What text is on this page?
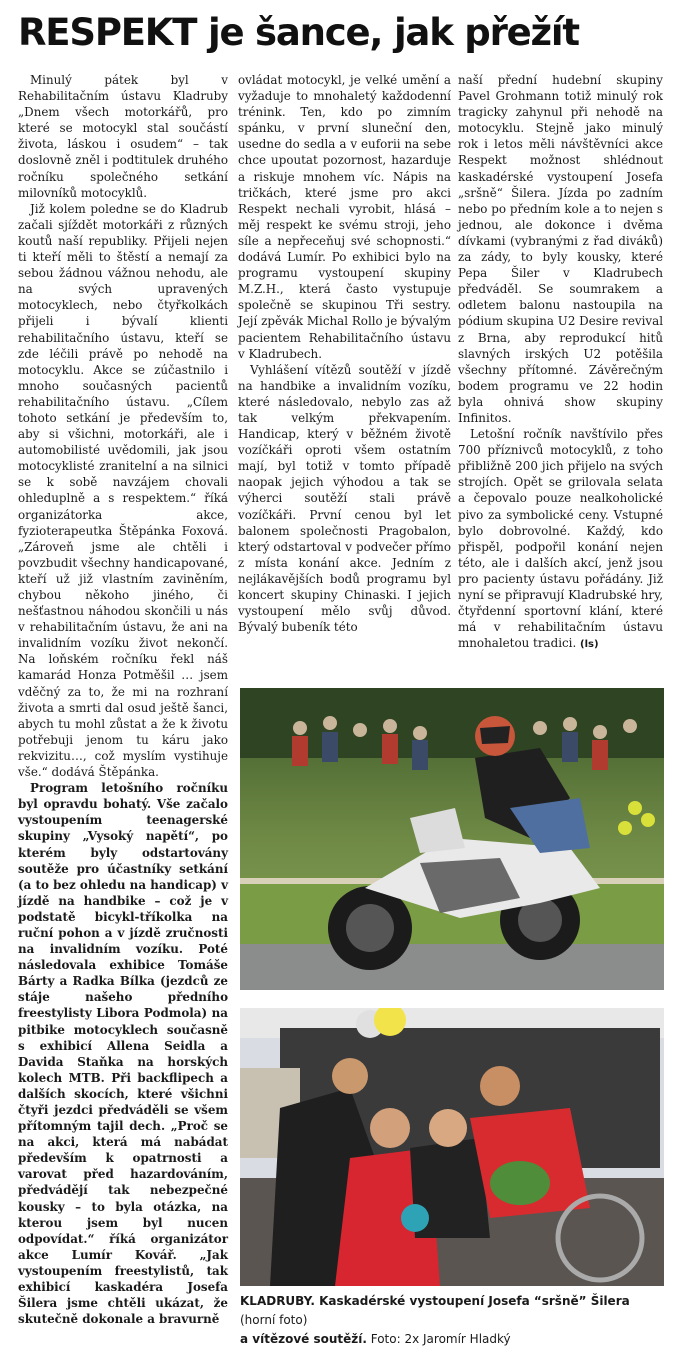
RESPEKT je šance, jak přežít

Minulý pátek byl v Rehabilitačním ústavu Kladruby „Dnem všech motorkářů, pro které se motocykl stal součástí života, láskou i osudem“ – tak doslovně zněl i podtitulek druhého ročníku společného setkání milovníků motocyklů.

Již kolem poledne se do Kladrub začali sjíždět motorkáři z různých koutů naší republiky. Přijeli nejen ti kteří měli to štěstí a nemají za sebou žádnou vážnou nehodu, ale na svých upravených motocyklech, nebo čtyřkolkách přijeli i bývalí klienti rehabilitačního ústavu, kteří se zde léčili právě po nehodě na motocyklu. Akce se zúčastnilo i mnoho současných pacientů rehabilitačního ústavu. „Cílem tohoto setkání je především to, aby si všichni, motorkáři, ale i automobilisté uvědomili, jak jsou motocyklisté zranitelní a na silnici se k sobě navzájem chovali ohleduplně a s respektem.“ říká organizátorka akce, fyzioterapeutka Štěpánka Foxová. „Zároveň jsme ale chtěli i povzbudit všechny handicapované, kteří už již vlastním zaviněním, chybou někoho jiného, či nešťastnou náhodou skončili u nás v rehabilitačním ústavu, že ani na invalidním vozíku život nekončí. Na loňském ročníku řekl náš kamarád Honza Potměšil … jsem vděčný za to, že mi na rozhraní života a smrti dal osud ještě šanci, abych tu mohl zůstat a že k životu potřebuji jenom tu káru jako rekvizitu…, což myslím vystihuje vše.“ dodává Štěpánka.

Program letošního ročníku byl opravdu bohatý. Vše začalo vystoupením teenagerské skupiny „Vysoký napětí“, po kterém byly odstartovány soutěže pro účastníky setkání (a to bez ohledu na handicap) v jízdě na handbike – což je v podstatě bicykl-tříkolka na ruční pohon a v jízdě zručnosti na invalidním vozíku. Poté následovala exhibice Tomáše Bárty a Radka Bílka (jezdců ze stáje našeho předního freestylisty Libora Podmola) na pitbike motocyklech současně s exhibicí Allena Seidla a Davida Staňka na horských kolech MTB. Při backflipech a dalších skocích, které všichni čtyři jezdci předváděli se všem přítomným tajil dech. „Proč se na akci, která má nabádat především k opatrnosti a varovat před hazardováním, předvádějí tak nebezpečné kousky – to byla otázka, na kterou jsem byl nucen odpovídat.“ říká organizátor akce Lumír Kovář. „Jak vystoupením freestylistů, tak exhibicí kaskadéra Josefa Šilera jsme chtěli ukázat, že skutečně dokonale a bravurně

ovládat motocykl, je velké umění a vyžaduje to mnohaletý každodenní trénink. Ten, kdo po zimním spánku, v první sluneční den, usedne do sedla a v euforii na sebe chce upoutat pozornost, hazarduje a riskuje mnohem víc. Nápis na tričkách, které jsme pro akci Respekt nechali vyrobit, hlásá – měj respekt ke svému stroji, jeho síle a nepřeceňuj své schopnosti.“ dodává Lumír. Po exhibici bylo na programu vystoupení skupiny M.Z.H., která často vystupuje společně se skupinou Tři sestry. Její zpěvák Michal Rollo je bývalým pacientem Rehabilitačního ústavu v Kladrubech.

Vyhlášení vítězů soutěží v jízdě na handbike a invalidním vozíku, které následovalo, nebylo zas až tak velkým překvapením. Handicap, který v běžném životě vozíčkáři oproti všem ostatním mají, byl totiž v tomto případě naopak jejich výhodou a tak se výherci soutěží stali právě vozíčkáři. První cenou byl let balonem společnosti Pragobalon, který odstartoval v podvečer přímo z místa konání akce. Jedním z nejlákavějších bodů programu byl koncert skupiny Chinaski. I jejich vystoupení mělo svůj důvod. Bývalý bubeník této

naší přední hudební skupiny Pavel Grohmann totiž minulý rok tragicky zahynul při nehodě na motocyklu. Stejně jako minulý rok i letos měli návštěvníci akce Respekt možnost shlédnout kaskadérské vystoupení Josefa „sršně“ Šilera. Jízda po zadním nebo po předním kole a to nejen s jednou, ale dokonce i dvěma dívkami (vybranými z řad diváků) za zády, to byly kousky, které Pepa Šiler v Kladrubech předváděl. Se soumrakem a odletem balonu nastoupila na pódium skupina U2 Desire revival z Brna, aby reprodukcí hitů slavných irských U2 potěšila všechny přítomné. Závěrečným bodem programu ve 22 hodin byla ohnivá show skupiny Infinitos.

Letošní ročník navštívilo přes 700 příznivců motocyklů, z toho přibližně 200 jich přijelo na svých strojích. Opět se grilovala selata a čepovalo pouze nealkoholické pivo za symbolické ceny. Vstupné bylo dobrovolné. Každý, kdo přispěl, podpořil konání nejen této, ale i dalších akcí, jenž jsou pro pacienty ústavu pořádány. Již nyní se připravují Kladrubské hry, čtyřdenní sportovní klání, které má v rehabilitačním ústavu mnohaletou tradici. (ls)

KLADRUBY. Kaskadérské vystoupení Josefa “sršně” Šilera (horní foto)
a vítězové soutěží. Foto: 2x Jaromír Hladký
